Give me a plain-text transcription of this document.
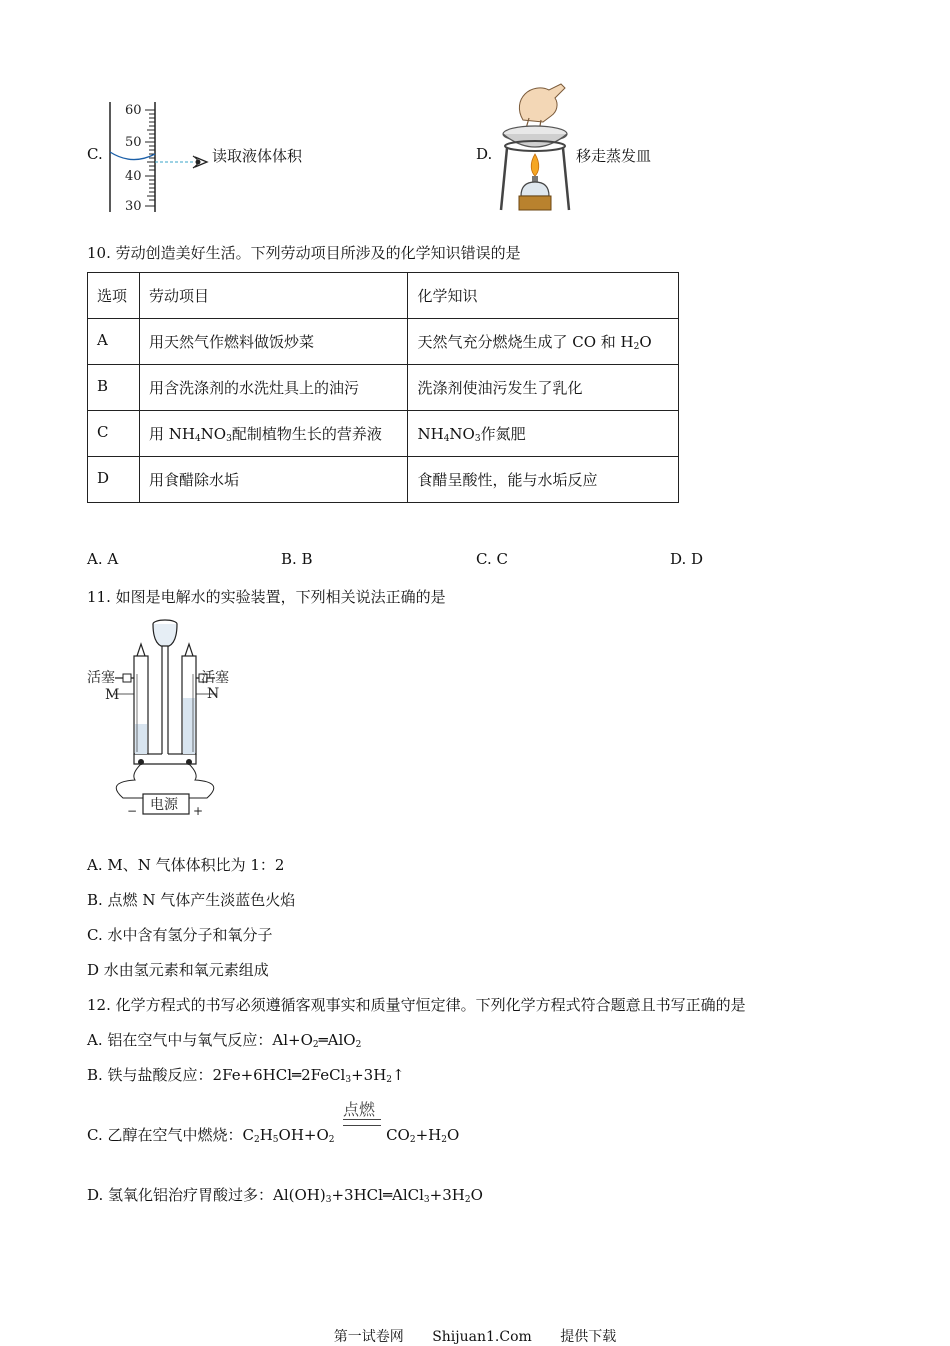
C.
60
50
40
30
读取液体体积	D.	移走蒸发皿
10. 劳动创造美好生活。下列劳动项目所涉及的化学知识错误的是
选项	劳动项目	化学知识
A	用天然气作燃料做饭炒菜	天然气充分燃烧生成了 CO 和 $H_2O$
B	用含洗涤剂的水洗灶具上的油污	洗涤剂使油污发生了乳化
C	用 $NH_4NO_3$配制植物生长的营养液	$NH_4NO_3$作氮肥
D	用食醋除水垢	食醋呈酸性，能与水垢反应
A. A	B. B	C. C	D. D
11. 如图是电解水的实验装置，下列相关说法正确的是
活塞	活塞
M	N
电源
−	+
A. M、N 气体体积比为 1：2
B. 点燃 N 气体产生淡蓝色火焰
C. 水中含有氢分子和氧分子
D 水由氢元素和氧元素组成
12. 化学方程式的书写必须遵循客观事实和质量守恒定律。下列化学方程式符合题意且书写正确的是
A. 铝在空气中与氧气反应：$Al+O_2═AlO_2$
B. 铁与盐酸反应：$2Fe+6HCl═2FeCl_3+3H_2↑$
C. 乙醇在空气中燃烧：$C_2H_5OH+O_2$	$CO_2+H_2O$
点燃
D. 氢氧化铝治疗胃酸过多：$Al(OH)_3+3HCl═AlCl_3+3H_2O$
第一试卷网 Shijuan1.Com 提供下载
